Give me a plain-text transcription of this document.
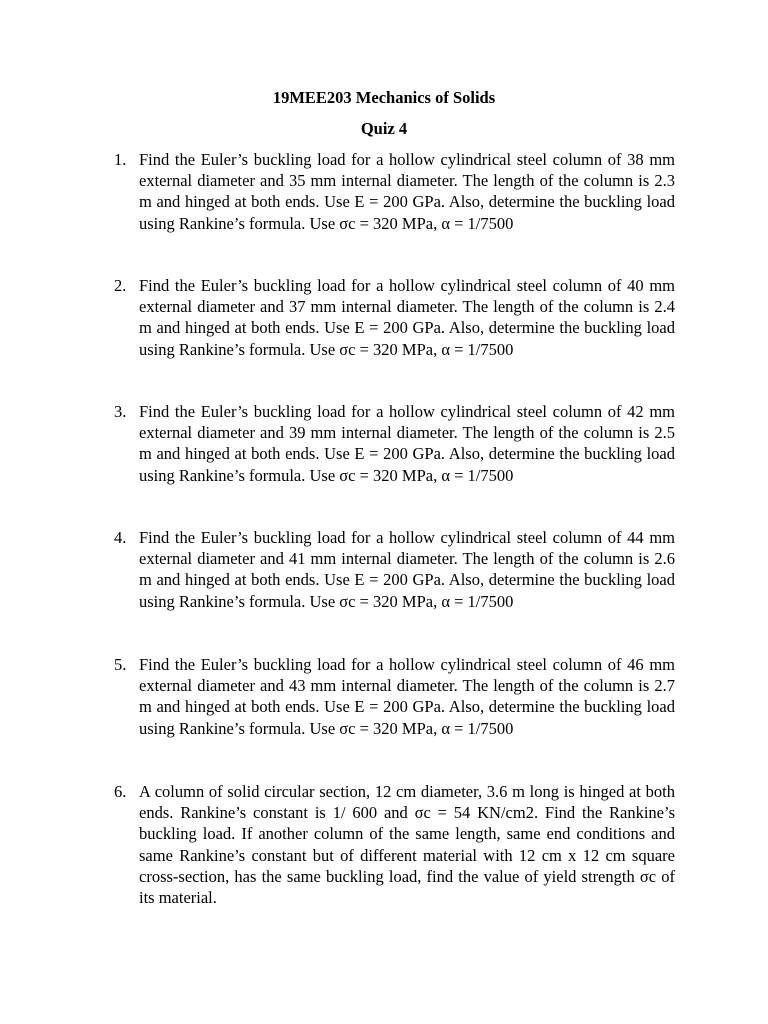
19MEE203 Mechanics of Solids
Quiz 4
1. Find the Euler’s buckling load for a hollow cylindrical steel column of 38 mm external diameter and 35 mm internal diameter. The length of the column is 2.3 m and hinged at both ends. Use E = 200 GPa. Also, determine the buckling load using Rankine’s formula. Use σc = 320 MPa, α = 1/7500
2. Find the Euler’s buckling load for a hollow cylindrical steel column of 40 mm external diameter and 37 mm internal diameter. The length of the column is 2.4 m and hinged at both ends. Use E = 200 GPa. Also, determine the buckling load using Rankine’s formula. Use σc = 320 MPa, α = 1/7500
3. Find the Euler’s buckling load for a hollow cylindrical steel column of 42 mm external diameter and 39 mm internal diameter. The length of the column is 2.5 m and hinged at both ends. Use E = 200 GPa. Also, determine the buckling load using Rankine’s formula. Use σc = 320 MPa, α = 1/7500
4. Find the Euler’s buckling load for a hollow cylindrical steel column of 44 mm external diameter and 41 mm internal diameter. The length of the column is 2.6 m and hinged at both ends. Use E = 200 GPa. Also, determine the buckling load using Rankine’s formula. Use σc = 320 MPa, α = 1/7500
5. Find the Euler’s buckling load for a hollow cylindrical steel column of 46 mm external diameter and 43 mm internal diameter. The length of the column is 2.7 m and hinged at both ends. Use E = 200 GPa. Also, determine the buckling load using Rankine’s formula. Use σc = 320 MPa, α = 1/7500
6. A column of solid circular section, 12 cm diameter, 3.6 m long is hinged at both ends. Rankine’s constant is 1/ 600 and σc = 54 KN/cm2. Find the Rankine’s buckling load. If another column of the same length, same end conditions and same Rankine’s constant but of different material with 12 cm x 12 cm square cross-section, has the same buckling load, find the value of yield strength σc of its material.
